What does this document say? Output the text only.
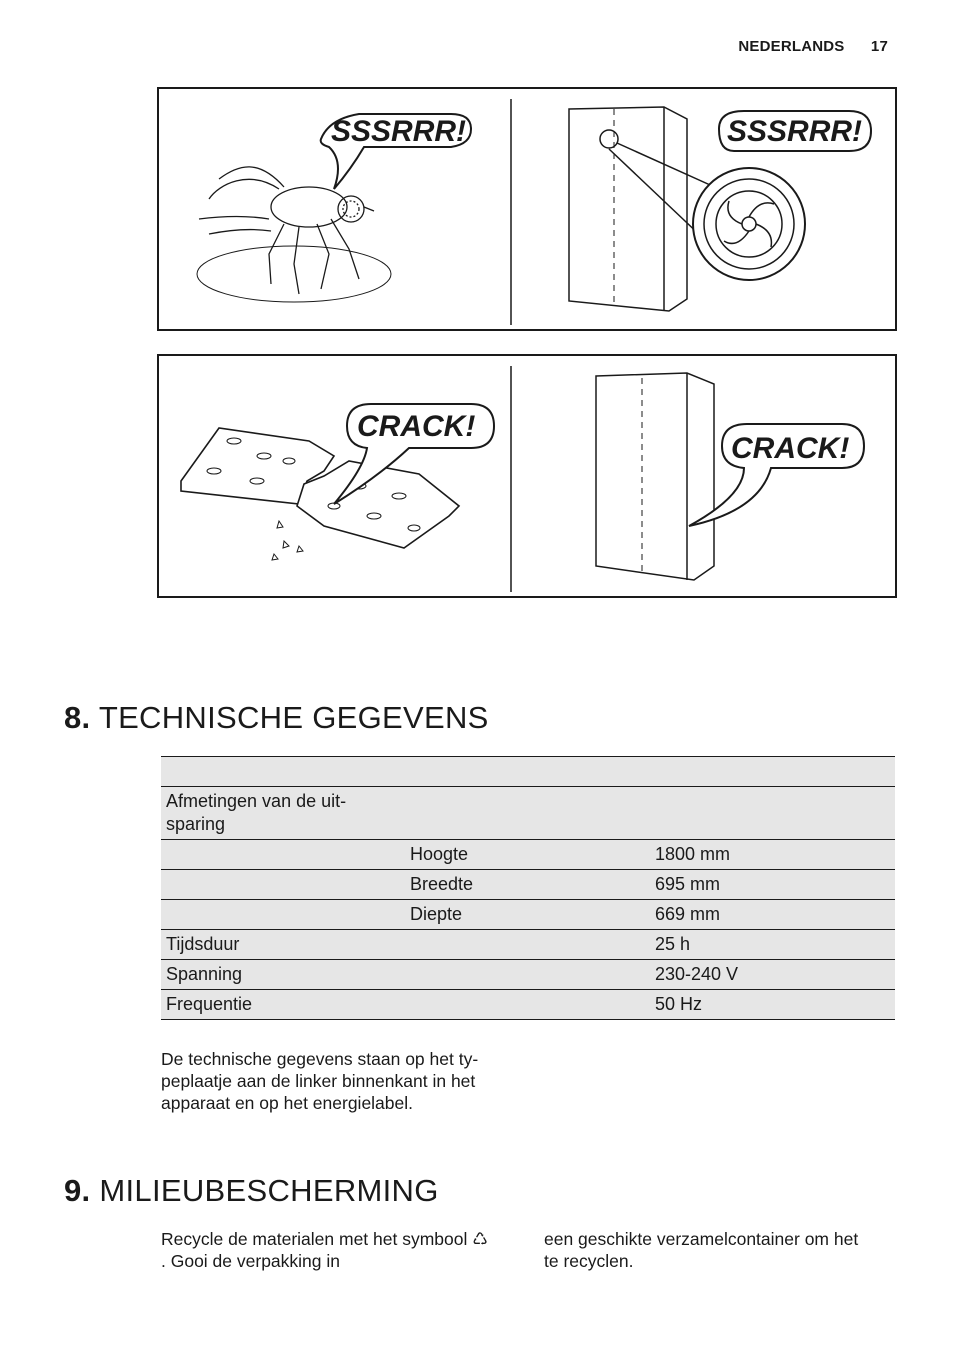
NEDERLANDS 17
SSSRRR!	SSSRRR!
CRACK!
CRACK!
8. TECHNISCHE GEGEVENS

Afmetingen van de uit-sparing		
	Hoogte	1800 mm
	Breedte	695 mm
	Diepte	669 mm
Tijdsduur		25 h
Spanning		230-240 V
Frequentie		50 Hz
De technische gegevens staan op het ty-peplaatje aan de linker binnenkant in het apparaat en op het energielabel.
9. MILIEUBESCHERMING
Recycle de materialen met het symbool ♺ . Gooi de verpakking in
een geschikte verzamelcontainer om het te recyclen.
